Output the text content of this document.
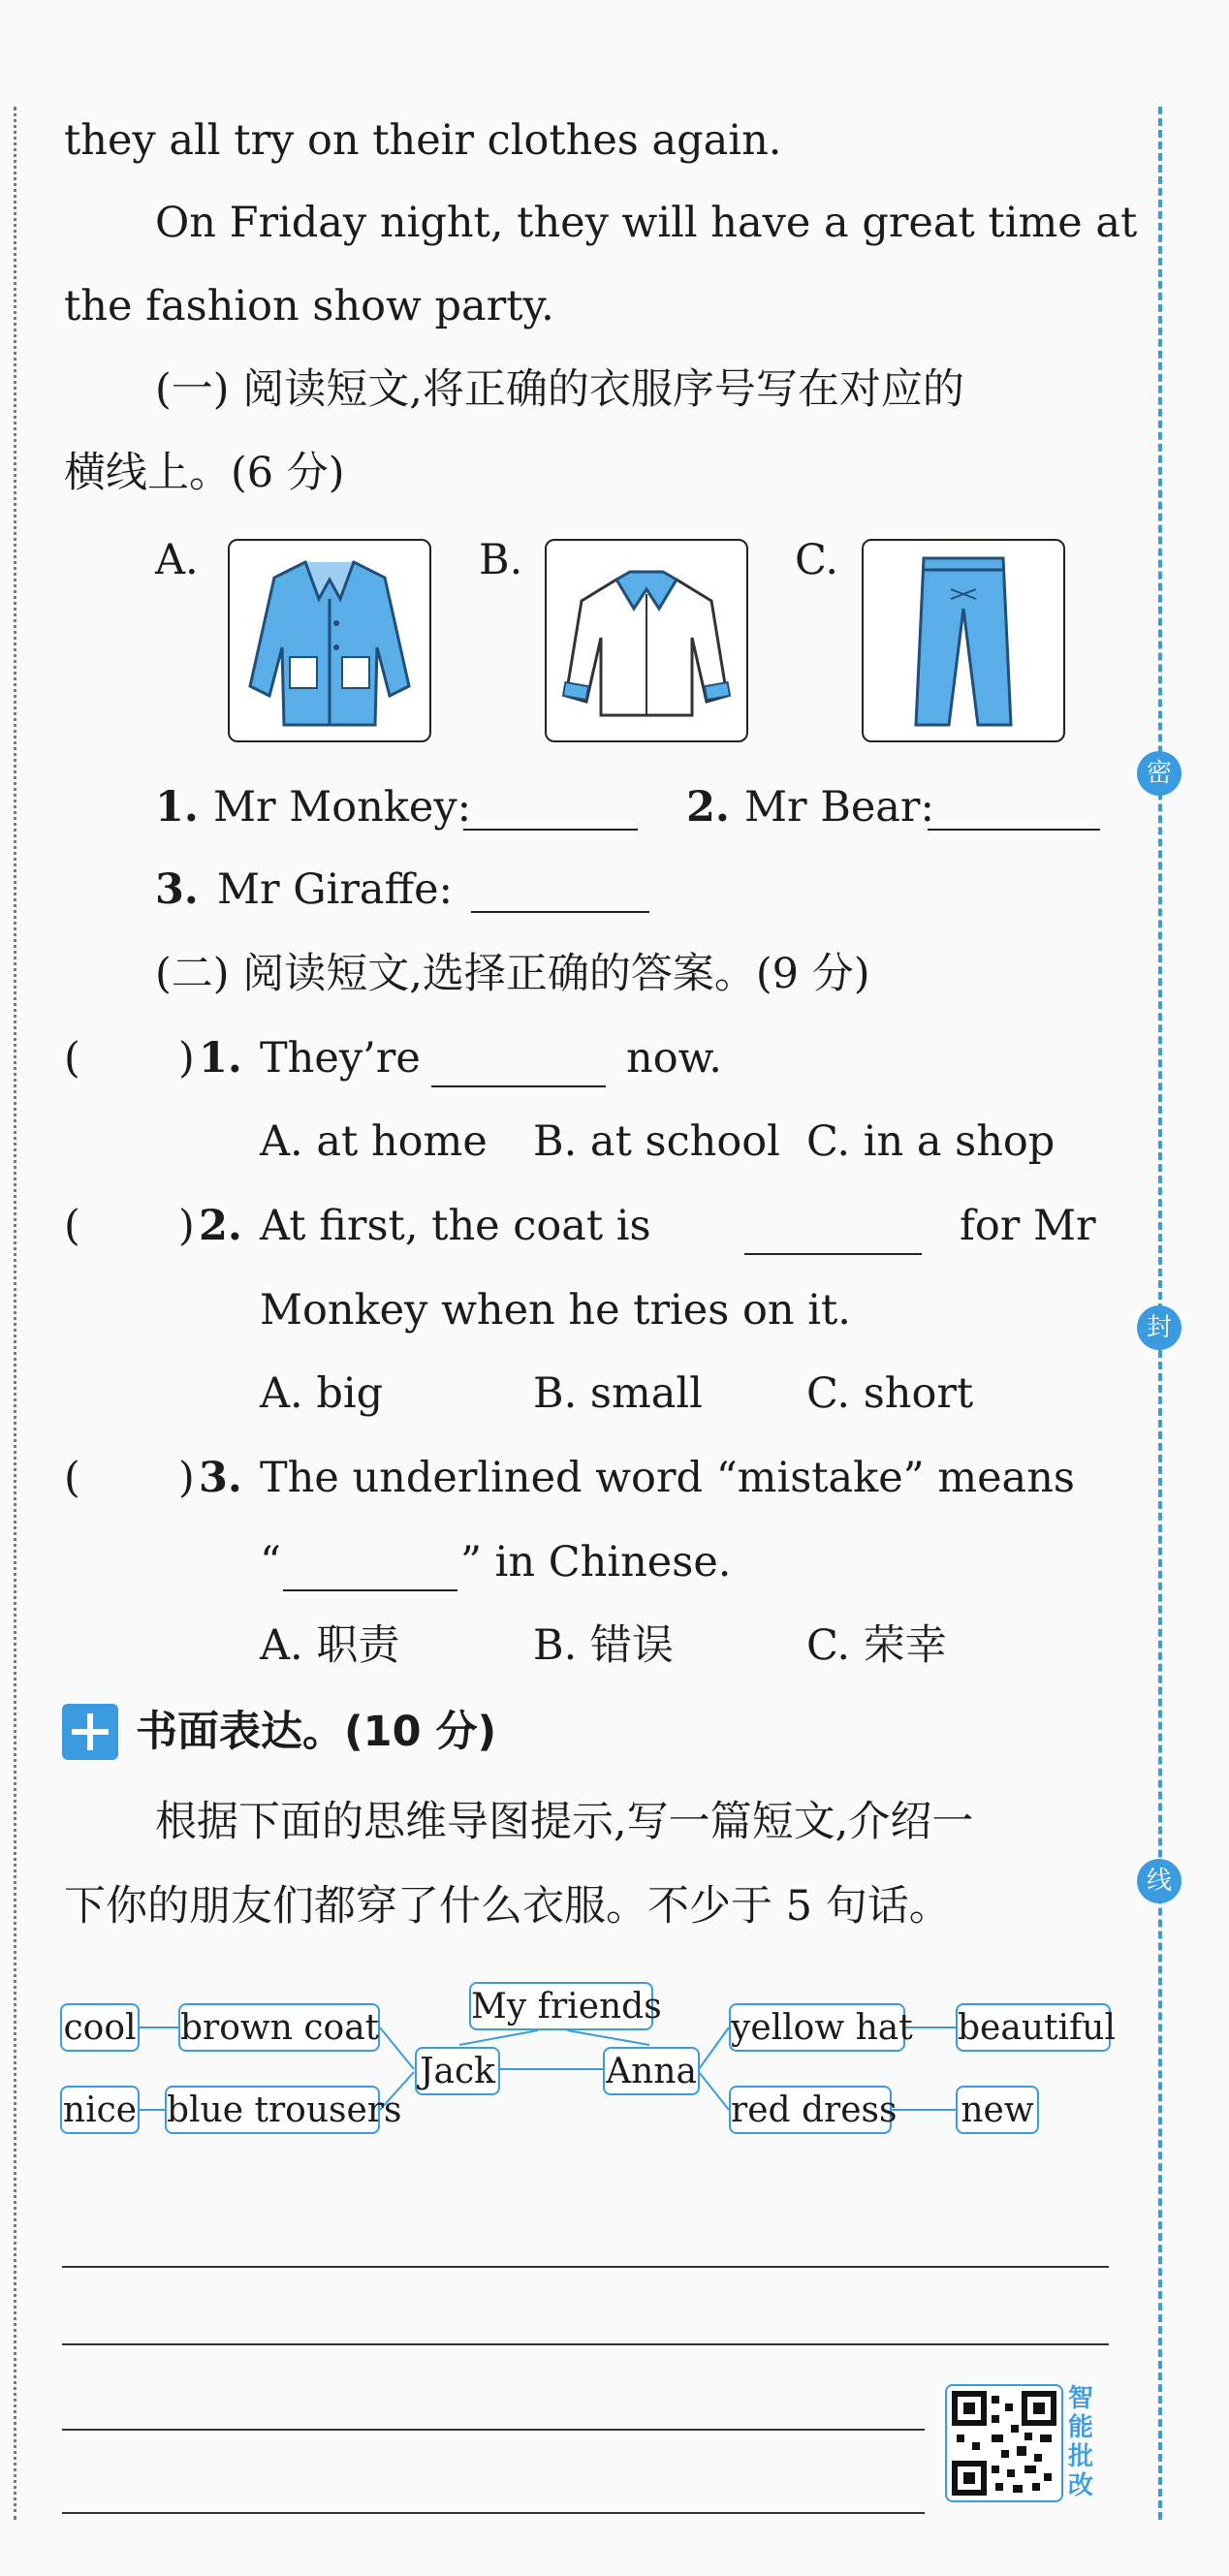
密
封
线
they all try on their clothes again.
On Friday night, they will have a great time at
the fashion show party.
(一) 阅读短文,将正确的衣服序号写在对应的
横线上。(6 分)
A.	B.	C.
1. Mr Monkey:	2. Mr Bear:
3. Mr Giraffe:
(二) 阅读短文,选择正确的答案。(9 分)
( ) 1. They’re	now.
A. at home B. at school C. in a shop
( ) 2. At first, the coat is	for Mr
Monkey when he tries on it.
A. big	B. small C. short
( ) 3. The underlined word “mistake” means
“	” in Chinese.
A. 职责	B. 错误	C. 荣幸
书面表达。(10 分)
根据下面的思维导图提示,写一篇短文,介绍一
下你的朋友们都穿了什么衣服。不少于 5 句话。
My friends
Jack	Anna
brown coat
blue trousers
cool
nice
yellow hat
red dress
beautiful
new
智能批改
